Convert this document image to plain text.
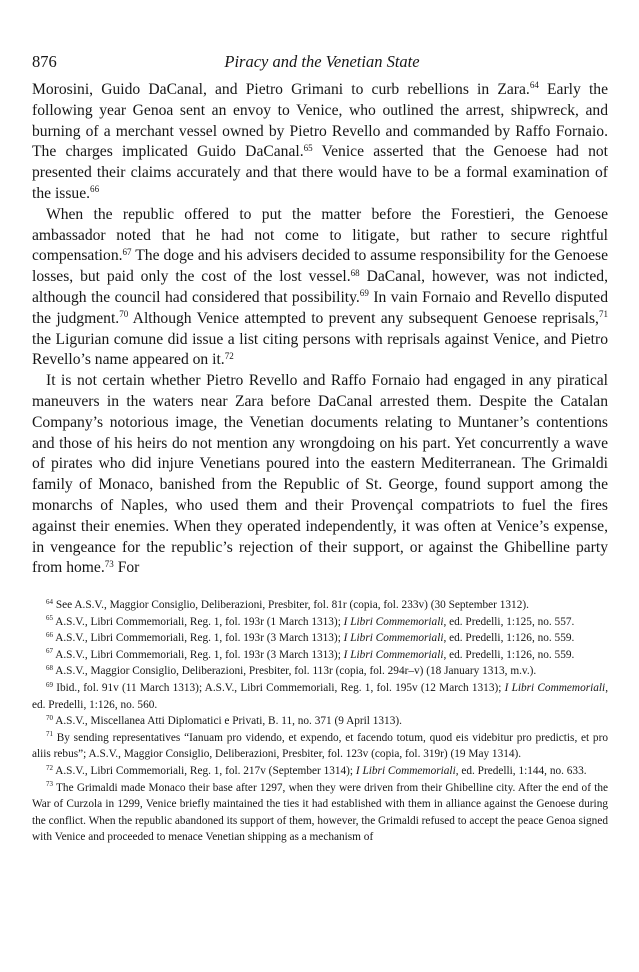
876	Piracy and the Venetian State

Morosini, Guido DaCanal, and Pietro Grimani to curb rebellions in Zara.$^{64}$ Early the following year Genoa sent an envoy to Venice, who outlined the arrest, shipwreck, and burning of a merchant vessel owned by Pietro Revello and commanded by Raffo Fornaio. The charges implicated Guido DaCanal.$^{65}$ Venice asserted that the Genoese had not presented their claims accurately and that there would have to be a formal examination of the issue.$^{66}$

When the republic offered to put the matter before the Forestieri, the Genoese ambassador noted that he had not come to litigate, but rather to secure rightful compensation.$^{67}$ The doge and his advisers decided to assume responsibility for the Genoese losses, but paid only the cost of the lost vessel.$^{68}$ DaCanal, however, was not indicted, although the council had considered that possibility.$^{69}$ In vain Fornaio and Revello disputed the judgment.$^{70}$ Although Venice attempted to prevent any subsequent Genoese reprisals,$^{71}$ the Ligurian comune did issue a list citing persons with reprisals against Venice, and Pietro Revello’s name appeared on it.$^{72}$

It is not certain whether Pietro Revello and Raffo Fornaio had engaged in any piratical maneuvers in the waters near Zara before DaCanal arrested them. Despite the Catalan Company’s notorious image, the Venetian documents relating to Muntaner’s contentions and those of his heirs do not mention any wrongdoing on his part. Yet concurrently a wave of pirates who did injure Venetians poured into the eastern Mediterranean. The Grimaldi family of Monaco, banished from the Republic of St. George, found support among the monarchs of Naples, who used them and their Provençal compatriots to fuel the fires against their enemies. When they operated independently, it was often at Venice’s expense, in vengeance for the republic’s rejection of their support, or against the Ghibelline party from home.$^{73}$ For

$^{64}$ See A.S.V., Maggior Consiglio, Deliberazioni, Presbiter, fol. 81r (copia, fol. 233v) (30 September 1312).

$^{65}$ A.S.V., Libri Commemoriali, Reg. 1, fol. 193r (1 March 1313); I Libri Commemoriali, ed. Predelli, 1:125, no. 557.

$^{66}$ A.S.V., Libri Commemoriali, Reg. 1, fol. 193r (3 March 1313); I Libri Commemoriali, ed. Predelli, 1:126, no. 559.

$^{67}$ A.S.V., Libri Commemoriali, Reg. 1, fol. 193r (3 March 1313); I Libri Commemoriali, ed. Predelli, 1:126, no. 559.

$^{68}$ A.S.V., Maggior Consiglio, Deliberazioni, Presbiter, fol. 113r (copia, fol. 294r–v) (18 January 1313, m.v.).

$^{69}$ Ibid., fol. 91v (11 March 1313); A.S.V., Libri Commemoriali, Reg. 1, fol. 195v (12 March 1313); I Libri Commemoriali, ed. Predelli, 1:126, no. 560.

$^{70}$ A.S.V., Miscellanea Atti Diplomatici e Privati, B. 11, no. 371 (9 April 1313).

$^{71}$ By sending representatives “Ianuam pro videndo, et expendo, et facendo totum, quod eis videbitur pro predictis, et pro aliis rebus”; A.S.V., Maggior Consiglio, Deliberazioni, Presbiter, fol. 123v (copia, fol. 319r) (19 May 1314).

$^{72}$ A.S.V., Libri Commemoriali, Reg. 1, fol. 217v (September 1314); I Libri Commemoriali, ed. Predelli, 1:144, no. 633.

$^{73}$ The Grimaldi made Monaco their base after 1297, when they were driven from their Ghibelline city. After the end of the War of Curzola in 1299, Venice briefly maintained the ties it had established with them in alliance against the Genoese during the conflict. When the republic abandoned its support of them, however, the Grimaldi refused to accept the peace Genoa signed with Venice and proceeded to menace Venetian shipping as a mechanism of
